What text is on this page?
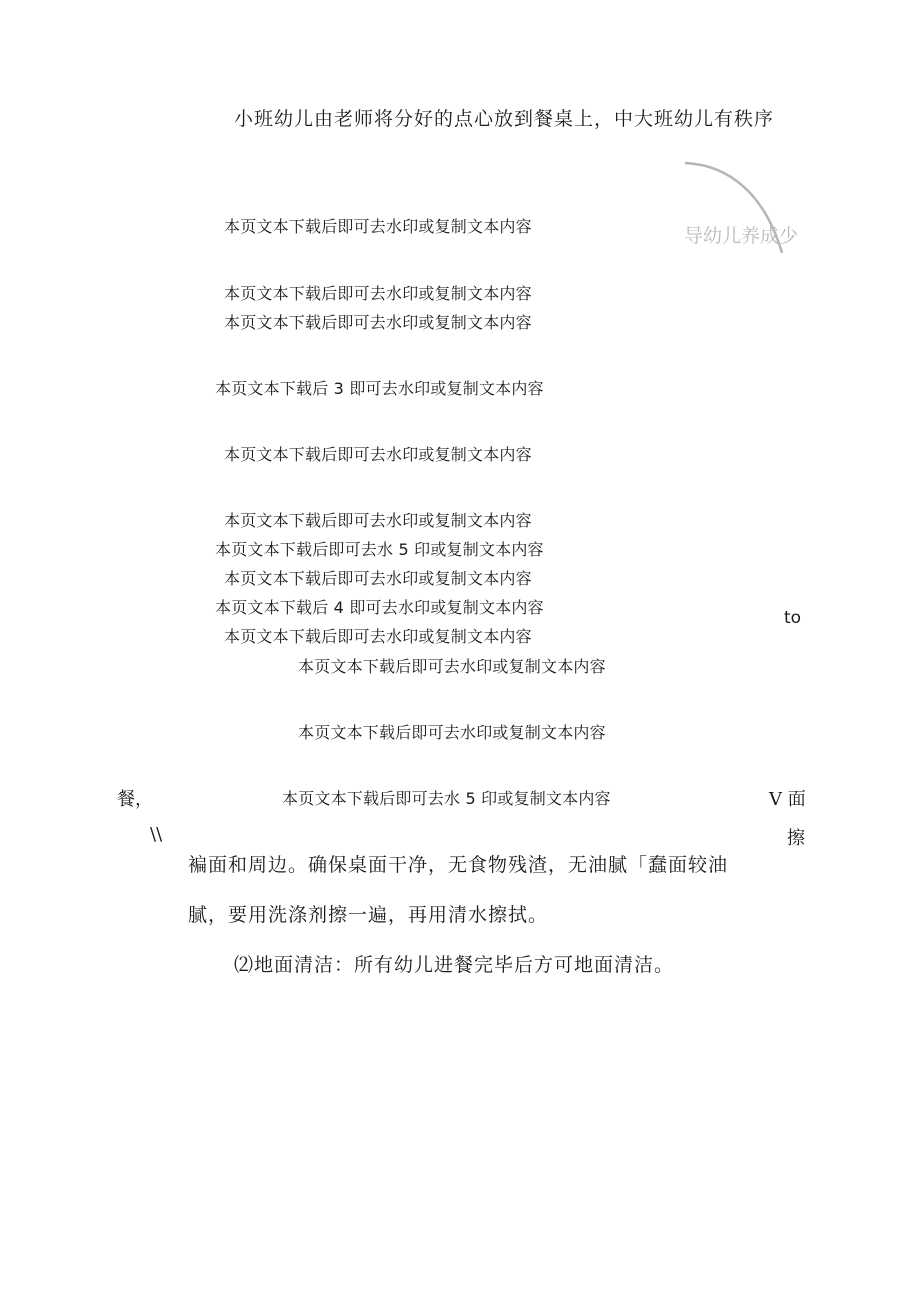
小班幼儿由老师将分好的点心放到餐桌上，中大班幼儿有秩序
导幼儿养成少
本页文本下载后即可去水印或复制文本内容
本页文本下载后即可去水印或复制文本内容
本页文本下载后即可去水印或复制文本内容
本页文本下载后 3 即可去水印或复制文本内容
本页文本下载后即可去水印或复制文本内容
本页文本下载后即可去水印或复制文本内容
本页文本下载后即可去水 5 印或复制文本内容
本页文本下载后即可去水印或复制文本内容
本页文本下载后 4 即可去水印或复制文本内容
本页文本下载后即可去水印或复制文本内容
本页文本下载后即可去水印或复制文本内容
本页文本下载后即可去水印或复制文本内容
本页文本下载后即可去水 5 印或复制文本内容
to
餐，	V 面
\\	擦
褊面和周边。确保桌面干净，无食物残渣，无油腻「蠢面较油
腻，要用洗涤剂擦一遍，再用清水擦拭。
⑵地面清洁：所有幼儿进餐完毕后方可地面清洁。
